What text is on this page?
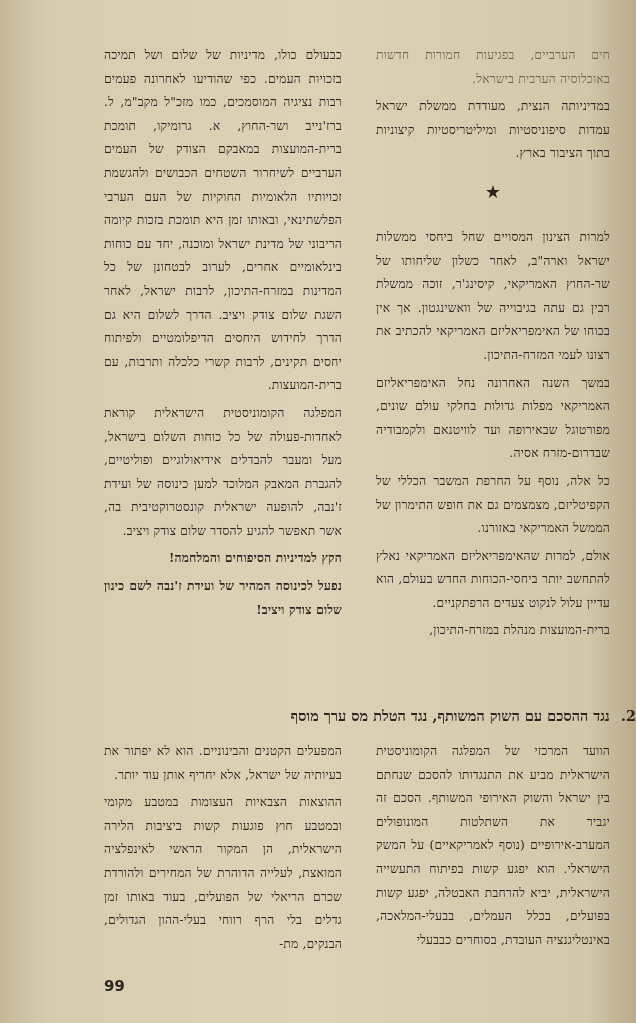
חים הערביים, בפגיעות חמורות חדשות באוכלוסיה הערבית בישראל.

במדיניותה הנצית, מעודדת ממשלת ישראל עמדות סיפוניסטיות ומיליטריסטיות קיצוניות בתוך הציבור בארץ.

★

למרות הצינון המסויים שחל ביחסי ממשלות ישראל וארה"ב, לאחר כשלון שליחותו של שר-החוץ האמריקאי, קיסינג'ר, זוכה ממשלת רבין גם עתה בגיבוייה של וואשינגטון. אך אין בכוחו של האימפריאליזם האמריקאי להכתיב את רצונו לעמי המזרח-התיכון.

במשך השנה האחרונה נחל האימפריאליזם האמריקאי מפלות גדולות בחלקי עולם שונים, מפורטוגל שבאירופה ועד לוויטנאם ולקמבודיה שבדרום-מזרח אסיה.

כל אלה, נוסף על החרפת המשבר הכללי של הקפיטליזם, מצמצמים גם את חופש התימרון של הממשל האמריקאי באזורנו.

אולם, למרות שהאימפריאליזם האמריקאי נאלץ להתחשב יותר ביחסי-הכוחות החדש בעולם, הוא עדיין עלול לנקוט צעדים הרפתקניים.

ברית-המועצות מנהלת במזרח-התיכון,

כבעולם כולו, מדיניות של שלום ושל תמיכה בזכויות העמים. כפי שהודיעו לאחרונה פעמים רבות נציגיה המוסמכים, כמו מזכ"ל מקב"מ, ל. ברז'נייב ושר-החוץ, א. גרומיקו, תומכת ברית-המועצות במאבקם הצודק של העמים הערביים לשיחרור השטחים הכבושים ולהגשמת זכויותיו הלאומיות החוקיות של העם הערבי הפלשתינאי, ובאותו זמן היא תומכת בזכות קיומה הריבוני של מדינת ישראל ומוכנה, יחד עם כוחות בינלאומיים אחרים, לערוב לבטחונן של כל המדינות במזרח-התיכון, לרבות ישראל, לאחר השגת שלום צודק ויציב. הדרך לשלום היא גם הדרך לחידוש היחסים הדיפלומטיים ולפיתוח יחסים תקינים, לרבות קשרי כלכלה ותרבות, עם ברית-המועצות.

המפלגה הקומוניסטית הישראלית קוראת לאחדות-פעולה של כל כוחות השלום בישראל, מעל ומעבר להבדלים אידיאולוגיים ופוליטיים, להגברת המאבק המלוכד למען כינוסה של ועידת ז'נבה, להופעה ישראלית קונסטרוקטיבית בה, אשר תאפשר להגיע להסדר שלום צודק ויציב.

הקץ למדיניות הסיפוחים והמלחמה!

נפעל לכינוסה המהיר של ועידת ז'נבה לשם כינון שלום צודק ויציב!

2. נגד ההסכם עם השוק המשותף, נגד הטלת מס ערך מוסף

הוועד המרכזי של המפלגה הקומוניסטית הישראלית מביע את התנגדותו להסכם שנחתם בין ישראל והשוק האירופי המשותף. הסכם זה יגביר את השתלטות המונופולים המערב-אירופיים (נוסף לאמריקאיים) על המשק הישראלי. הוא יפגע קשות בפיתוח התעשייה הישראלית, יביא להרחבת האבטלה, יפגע קשות בפועלים, בכלל העמלים, בבעלי-המלאכה, באינטליגנציה העובדת, בסוחרים כבבעלי

המפעלים הקטנים והבינוניים. הוא לא יפתור את בעיותיה של ישראל, אלא יחריף אותן עוד יותר.

ההוצאות הצבאיות העצומות במטבע מקומי ובמטבע חוץ פוגעות קשות ביציבות הלירה הישראלית, הן המקור הראשי לאינפלציה המואצת, לעלייה הדוהרת של המחירים ולהורדת שכרם הריאלי של הפועלים, בעוד באותו זמן גדלים בלי הרף רווחי בעלי-ההון הגדולים, הבנקים, מת-

99
